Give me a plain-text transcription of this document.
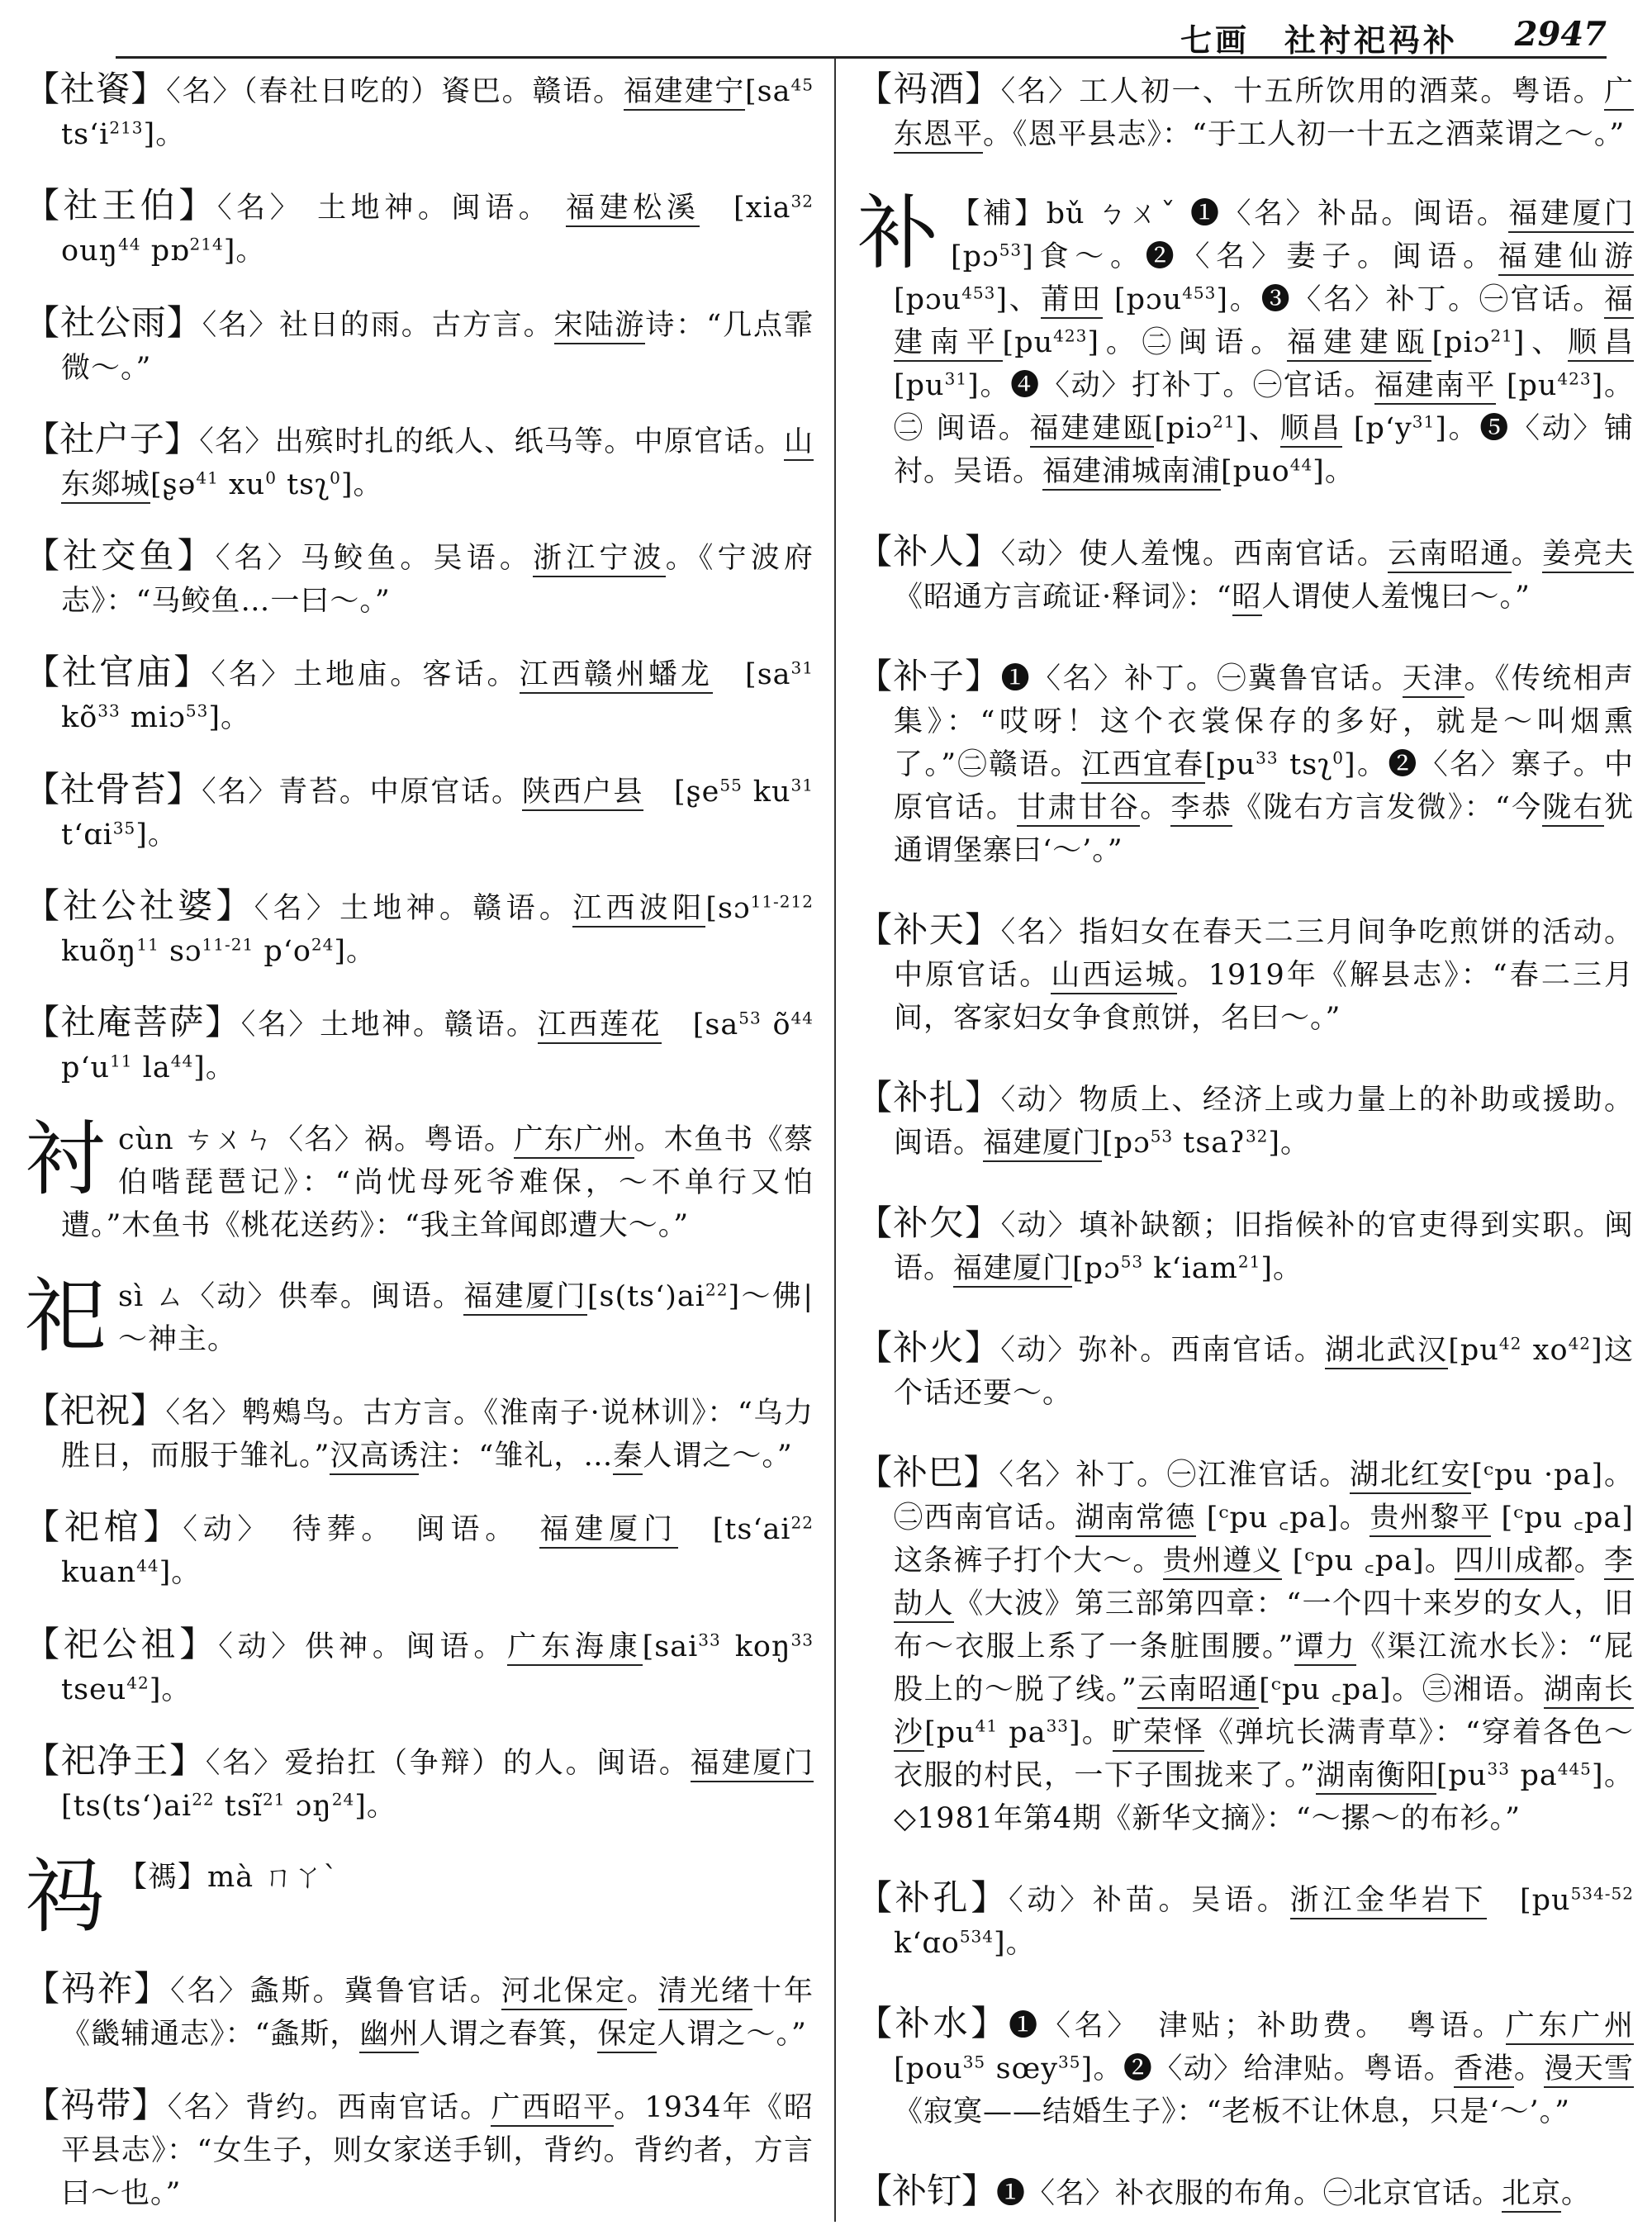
七画　社衬祀祃补 2947
【社餈】〈名〉（春社日吃的）餈巴。赣语。福建建宁[$sa^{45}$ $ts‘i^{213}$]。
【社王伯】〈名〉 土地神。闽语。 福建松溪　[xia$^{32}$ ouŋ$^{44}$ pɒ$^{214}$]。
【社公雨】〈名〉社日的雨。古方言。宋陆游诗：“几点霏微～。”
【社户子】〈名〉出殡时扎的纸人、纸马等。中原官话。山东郯城[ʂə$^{41}$ $xu^0$ tsʅ$^0$]。
【社交鱼】〈名〉马鲛鱼。吴语。浙江宁波。《宁波府志》：“马鲛鱼…一曰～。”
【社官庙】〈名〉土地庙。客话。江西赣州蟠龙　[$sa^{31}$ $kõ^{33}$ miɔ$^{53}$]。
【社骨苔】〈名〉青苔。中原官话。陕西户县　[ʂe$^{55}$ $ku^{31}$ t‘ɑi$^{35}$]。
【社公社婆】〈名〉土地神。赣语。江西波阳[sɔ$^{11-212}$ kuõŋ$^{11}$ sɔ$^{11-21}$ $p‘o^{24}$]。
【社庵菩萨】〈名〉土地神。赣语。江西莲花　[$sa^{53}$ $õ^{44}$ $p‘u^{11}$ $la^{44}$]。
衬cùn ㄘㄨㄣ〈名〉祸。粤语。广东广州。木鱼书《蔡伯喈琵琶记》：“尚忧母死爷难保，～不单行又怕遭。”木鱼书《桃花送药》：“我主耸闻郎遭大～。”
祀sì ㄙ〈动〉供奉。闽语。福建厦门$[s(ts‘)ai^{22}]\sim$佛|～神主。
【祀祝】〈名〉鹎鵊鸟。古方言。《淮南子·说林训》：“乌力胜日，而服于雏礼。”汉高诱注：“雏礼，…秦人谓之～。”
【祀棺】〈动〉　待葬。　闽语。　福建厦门　[$ts‘ai^{22}$ kuan$^{44}$]。
【祀公祖】〈动〉供神。闽语。广东海康[sai$^{33}$ koŋ$^{33}$ tseu$^{42}$]。
【祀净王】〈名〉爱抬扛（争辩）的人。闽语。福建厦门[$ts(ts‘)ai^{22}$ tsĩ$^{21}$ ɔŋ$^{24}$]。
祃 【禡】mà ㄇㄚˋ
【祃祚】〈名〉螽斯。冀鲁官话。河北保定。清光绪十年《畿辅通志》：“螽斯，幽州人谓之春箕，保定人谓之～。”
【祃带】〈名〉背约。西南官话。广西昭平。1934年《昭平县志》：“女生子，则女家送手钏，背约。背约者，方言曰～也。”
【祃酒】〈名〉工人初一、十五所饮用的酒菜。粤语。广东恩平。《恩平县志》：“于工人初一十五之酒菜谓之～。”
补 【補】bǔ ㄅㄨˇ ❶〈名〉补品。闽语。福建厦门[pɔ$^{53}$]食～。❷〈名〉妻子。闽语。福建仙游[pɔu$^{453}$]、莆田 [pɔu$^{453}$]。❸〈名〉补丁。㊀官话。福建南平$[pu^{423}]$。㊁闽语。福建建瓯[piɔ$^{21}$]、顺昌$[pu^{31}]$。❹〈动〉打补丁。㊀官话。福建南平 $[pu^{423}]$。㊁ 闽语。福建建瓯[piɔ$^{21}$]、顺昌 $[p‘y^{31}]$。❺〈动〉铺衬。吴语。福建浦城南浦[puo$^{44}$]。
【补人】〈动〉使人羞愧。西南官话。云南昭通。姜亮夫《昭通方言疏证·释词》：“昭人谓使人羞愧曰～。”
【补子】❶〈名〉补丁。㊀冀鲁官话。天津。《传统相声集》：“哎呀！这个衣裳保存的多好，就是～叫烟熏了。”㊁赣语。江西宜春[$pu^{33}$ tsʅ$^0$]。❷〈名〉寨子。中原官话。甘肃甘谷。李恭《陇右方言发微》：“今陇右犹通谓堡寨曰‘～’。”
【补天】〈名〉指妇女在春天二三月间争吃煎饼的活动。中原官话。山西运城。1919年《解县志》：“春二三月间，客家妇女争食煎饼，名曰～。”
【补扎】〈动〉物质上、经济上或力量上的补助或援助。闽语。福建厦门[pɔ$^{53}$ tsaʔ$^{32}$]。
【补欠】〈动〉填补缺额；旧指候补的官吏得到实职。闽语。福建厦门[pɔ$^{53}$ k‘iam$^{21}$]。
【补火】〈动〉弥补。西南官话。湖北武汉[$pu^{42}$ $xo^{42}$]这个话还要～。
【补巴】〈名〉补丁。㊀江淮官话。湖北红安[ᶜpu ·pa]。㊁西南官话。湖南常德 [ᶜpu ꜀pa]。贵州黎平 [ᶜpu ꜀pa]这条裤子打个大～。贵州遵义 [ᶜpu ꜀pa]。四川成都。李劼人《大波》第三部第四章：“一个四十来岁的女人，旧布～衣服上系了一条脏围腰。”谭力《渠江流水长》：“屁股上的～脱了线。”云南昭通[ᶜpu ꜀pa]。㊂湘语。湖南长沙[$pu^{41}$ $pa^{33}$]。旷荣怿《弹坑长满青草》：“穿着各色～衣服的村民，一下子围拢来了。”湖南衡阳[$pu^{33}$ $pa^{445}$]。◇1981年第4期《新华文摘》：“～摞～的布衫。”
【补孔】〈动〉补苗。吴语。浙江金华岩下　[$pu^{534-52}$ k‘ɑo$^{534}$]。
【补水】❶〈名〉　津贴；补助费。　粤语。广东广州[pou$^{35}$ sœy$^{35}$]。❷〈动〉给津贴。粤语。香港。漫天雪《寂寞——结婚生子》：“老板不让休息，只是‘～’。”
【补钉】❶〈名〉补衣服的布角。㊀北京官话。北京。
